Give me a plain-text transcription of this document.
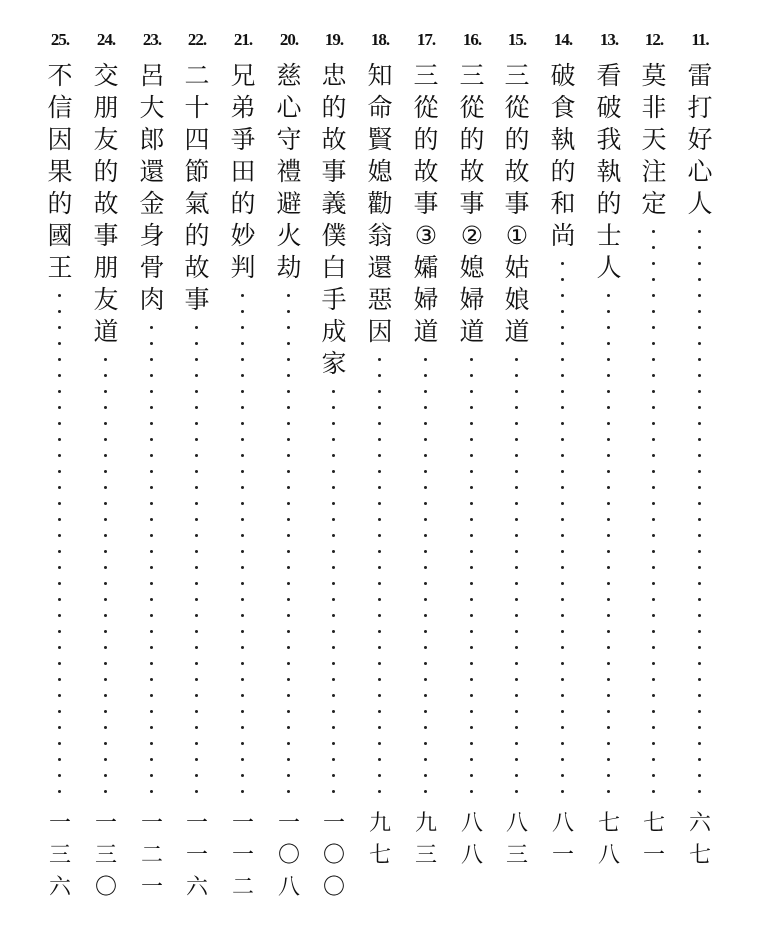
11.
雷
打
好
心
人
六
七
12.
莫
非
天
注
定
七
一
13.
看
破
我
執
的
士
人
七
八
14.
破
食
執
的
和
尚
八
一
15.
三
從
的
故
事
①
姑
娘
道
八
三
16.
三
從
的
故
事
②
媳
婦
道
八
八
17.
三
從
的
故
事
③
孀
婦
道
九
三
18.
知
命
賢
媳
勸
翁
還
惡
因
九
七
19.
忠
的
故
事
義
僕
白
手
成
家
一
〇
〇
20.
慈
心
守
禮
避
火
劫
一
〇
八
21.
兄
弟
爭
田
的
妙
判
一
一
二
22.
二
十
四
節
氣
的
故
事
一
一
六
23.
呂
大
郎
還
金
身
骨
肉
一
二
一
24.
交
朋
友
的
故
事
朋
友
道
一
三
〇
25.
不
信
因
果
的
國
王
一
三
六
